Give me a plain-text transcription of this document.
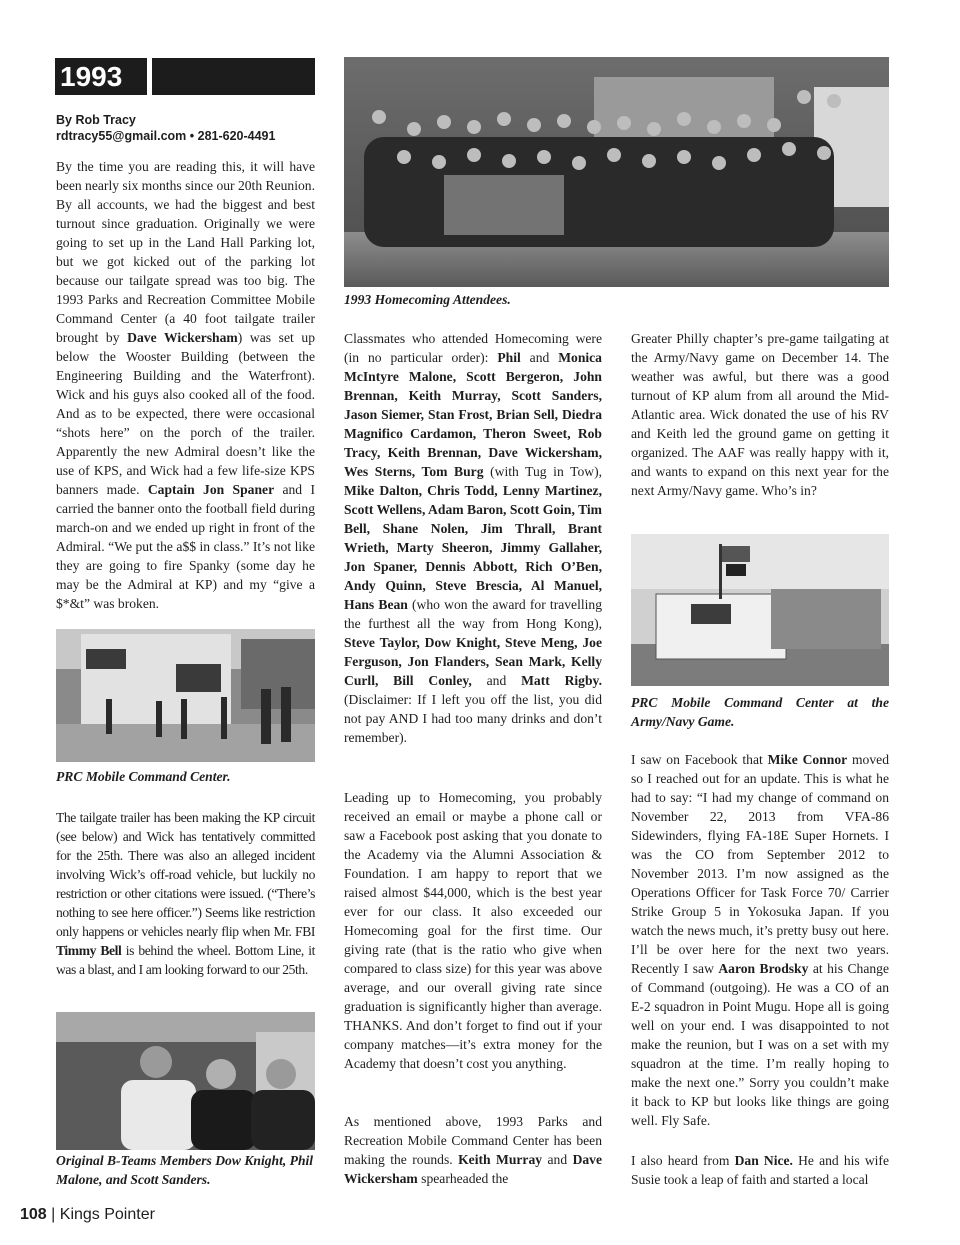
1993
By Rob Tracy
rdtracy55@gmail.com • 281-620-4491
1993 Homecoming Attendees.

By the time you are reading this, it will have been nearly six months since our 20th Reunion. By all accounts, we had the biggest and best turnout since graduation. Originally we were going to set up in the Land Hall Parking lot, but we got kicked out of the parking lot because our tailgate spread was too big. The 1993 Parks and Recreation Committee Mobile Command Center (a 40 foot tailgate trailer brought by Dave Wickersham) was set up below the Wooster Building (between the Engineering Building and the Waterfront). Wick and his guys also cooked all of the food. And as to be expected, there were occasional “shots here” on the porch of the trailer. Apparently the new Admiral doesn’t like the use of KPS, and Wick had a few life-size KPS banners made. Captain Jon Spaner and I carried the banner onto the football field during march-on and we ended up right in front of the Admiral. “We put the a$$ in class.” It’s not like they are going to fire Spanky (some day he may be the Admiral at KP) and my “give a $*&t” was broken.

PRC Mobile Command Center.

The tailgate trailer has been making the KP circuit (see below) and Wick has tentatively committed for the 25th. There was also an alleged incident involving Wick’s off-road vehicle, but luckily no restriction or other citations were issued. (“There’s nothing to see here officer.”) Seems like restriction only happens or vehicles nearly flip when Mr. FBI Timmy Bell is behind the wheel. Bottom Line, it was a blast, and I am looking forward to our 25th.

Original B-Teams Members Dow Knight, Phil Malone, and Scott Sanders.

Classmates who attended Homecoming were (in no particular order): Phil and Monica McIntyre Malone, Scott Bergeron, John Brennan, Keith Murray, Scott Sanders, Jason Siemer, Stan Frost, Brian Sell, Diedra Magnifico Cardamon, Theron Sweet, Rob Tracy, Keith Brennan, Dave Wickersham, Wes Sterns, Tom Burg (with Tug in Tow), Mike Dalton, Chris Todd, Lenny Martinez, Scott Wellens, Adam Baron, Scott Goin, Tim Bell, Shane Nolen, Jim Thrall, Brant Wrieth, Marty Sheeron, Jimmy Gallaher, Jon Spaner, Dennis Abbott, Rich O’Ben, Andy Quinn, Steve Brescia, Al Manuel, Hans Bean (who won the award for travelling the furthest all the way from Hong Kong), Steve Taylor, Dow Knight, Steve Meng, Joe Ferguson, Jon Flanders, Sean Mark, Kelly Curll, Bill Conley, and Matt Rigby. (Disclaimer: If I left you off the list, you did not pay AND I had too many drinks and don’t remember).

Leading up to Homecoming, you probably received an email or maybe a phone call or saw a Facebook post asking that you donate to the Academy via the Alumni Association & Foundation. I am happy to report that we raised almost $44,000, which is the best year ever for our class. It also exceeded our Homecoming goal for the first time. Our giving rate (that is the ratio who give when compared to class size) for this year was above average, and our overall giving rate since graduation is significantly higher than average. THANKS. And don’t forget to find out if your company matches—it’s extra money for the Academy that doesn’t cost you anything.

As mentioned above, 1993 Parks and Recreation Mobile Command Center has been making the rounds. Keith Murray and Dave Wickersham spearheaded the

Greater Philly chapter’s pre-game tailgating at the Army/Navy game on December 14. The weather was awful, but there was a good turnout of KP alum from all around the Mid-Atlantic area. Wick donated the use of his RV and Keith led the ground game on getting it organized. The AAF was really happy with it, and wants to expand on this next year for the next Army/Navy game. Who’s in?

PRC Mobile Command Center at the Army/Navy Game.

I saw on Facebook that Mike Connor moved so I reached out for an update. This is what he had to say: “I had my change of command on November 22, 2013 from VFA-86 Sidewinders, flying FA-18E Super Hornets. I was the CO from September 2012 to November 2013. I’m now assigned as the Operations Officer for Task Force 70/ Carrier Strike Group 5 in Yokosuka Japan. If you watch the news much, it’s pretty busy out here. I’ll be over here for the next two years. Recently I saw Aaron Brodsky at his Change of Command (outgoing). He was a CO of an E-2 squadron in Point Mugu. Hope all is going well on your end. I was disappointed to not make the reunion, but I was on a set with my squadron at the time. I’m really hoping to make the next one.” Sorry you couldn’t make it back to KP but looks like things are going well. Fly Safe.

I also heard from Dan Nice. He and his wife Susie took a leap of faith and started a local

108 | Kings Pointer
